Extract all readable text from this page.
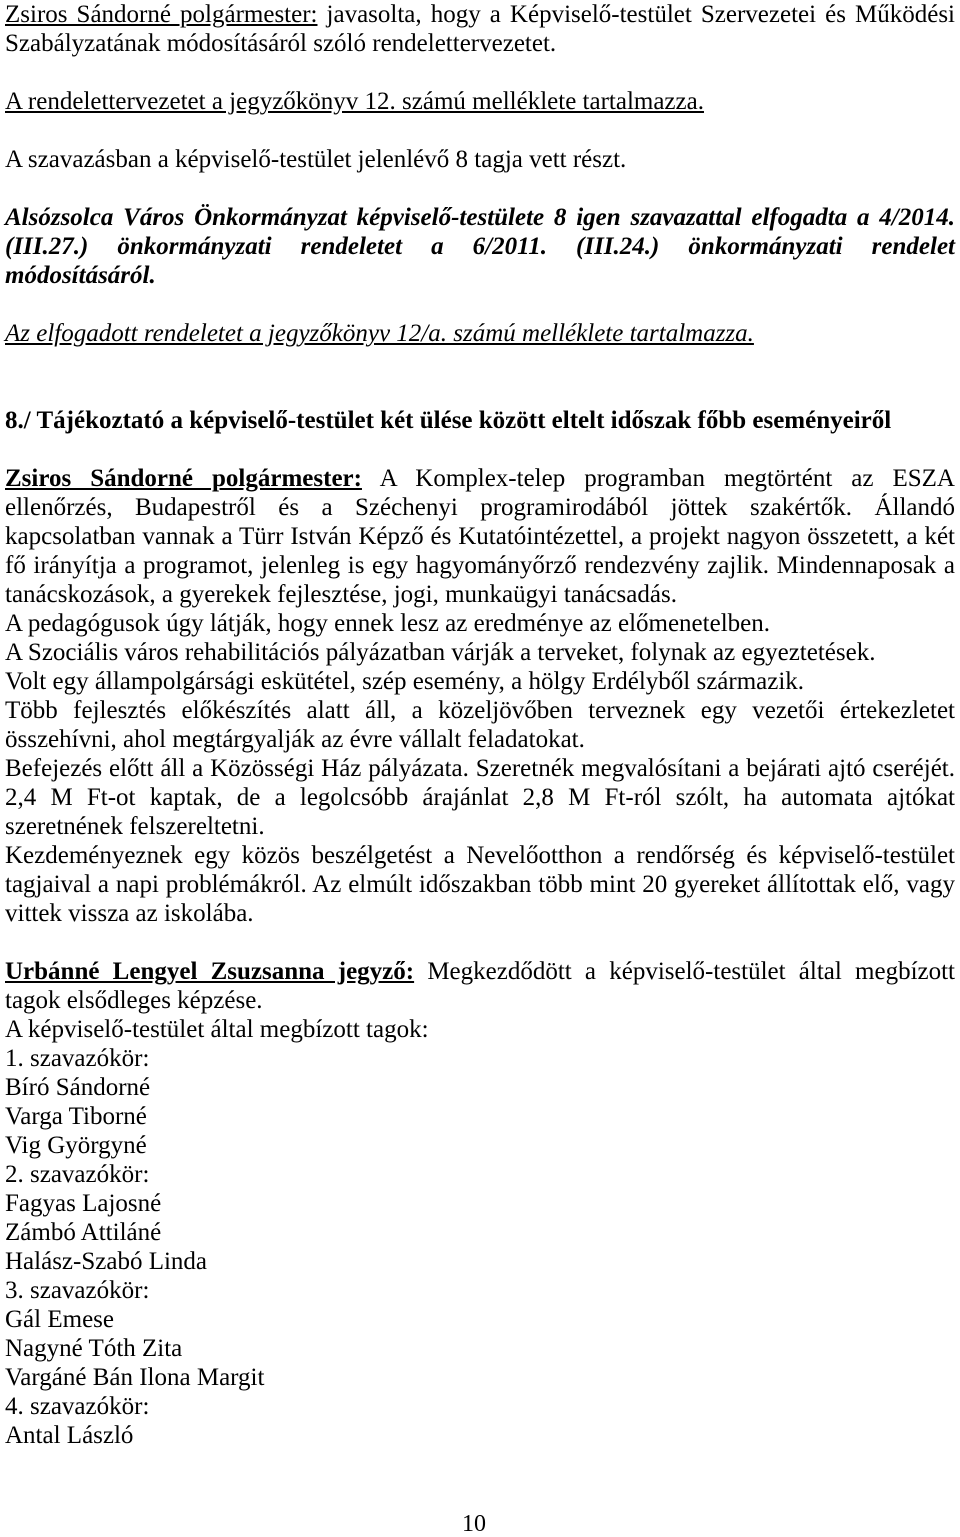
Zsiros Sándorné polgármester: javasolta, hogy a Képviselő-testület Szervezetei és Működési
Szabályzatának módosításáról szóló rendelettervezetet.
A rendelettervezetet a jegyzőkönyv 12. számú melléklete tartalmazza.
A szavazásban a képviselő-testület jelenlévő 8 tagja vett részt.
Alsózsolca Város Önkormányzat képviselő-testülete 8 igen szavazattal elfogadta a 4/2014.
(III.27.) önkormányzati rendeletet a 6/2011. (III.24.) önkormányzati rendelet
módosításáról.
Az elfogadott rendeletet a jegyzőkönyv 12/a. számú melléklete tartalmazza.
8./ Tájékoztató a képviselő-testület két ülése között eltelt időszak főbb eseményeiről
Zsiros Sándorné polgármester: A Komplex-telep programban megtörtént az ESZA
ellenőrzés, Budapestről és a Széchenyi programirodából jöttek szakértők. Állandó
kapcsolatban vannak a Türr István Képző és Kutatóintézettel, a projekt nagyon összetett, a két
fő irányítja a programot, jelenleg is egy hagyományőrző rendezvény zajlik. Mindennaposak a
tanácskozások, a gyerekek fejlesztése, jogi, munkaügyi tanácsadás.
A pedagógusok úgy látják, hogy ennek lesz az eredménye az előmenetelben.
A Szociális város rehabilitációs pályázatban várják a terveket, folynak az egyeztetések.
Volt egy állampolgársági eskütétel, szép esemény, a hölgy Erdélyből származik.
Több fejlesztés előkészítés alatt áll, a közeljövőben terveznek egy vezetői értekezletet
összehívni, ahol megtárgyalják az évre vállalt feladatokat.
Befejezés előtt áll a Közösségi Ház pályázata. Szeretnék megvalósítani a bejárati ajtó cseréjét.
2,4 M Ft-ot kaptak, de a legolcsóbb árajánlat 2,8 M Ft-ról szólt, ha automata ajtókat
szeretnének felszereltetni.
Kezdeményeznek egy közös beszélgetést a Nevelőotthon a rendőrség és képviselő-testület
tagjaival a napi problémákról. Az elmúlt időszakban több mint 20 gyereket állítottak elő, vagy
vittek vissza az iskolába.
Urbánné Lengyel Zsuzsanna jegyző: Megkezdődött a képviselő-testület által megbízott
tagok elsődleges képzése.
A képviselő-testület által megbízott tagok:
1. szavazókör:
Bíró Sándorné
Varga Tiborné
Vig Györgyné
2. szavazókör:
Fagyas Lajosné
Zámbó Attiláné
Halász-Szabó Linda
3. szavazókör:
Gál Emese
Nagyné Tóth Zita
Vargáné Bán Ilona Margit
4. szavazókör:
Antal László
10
